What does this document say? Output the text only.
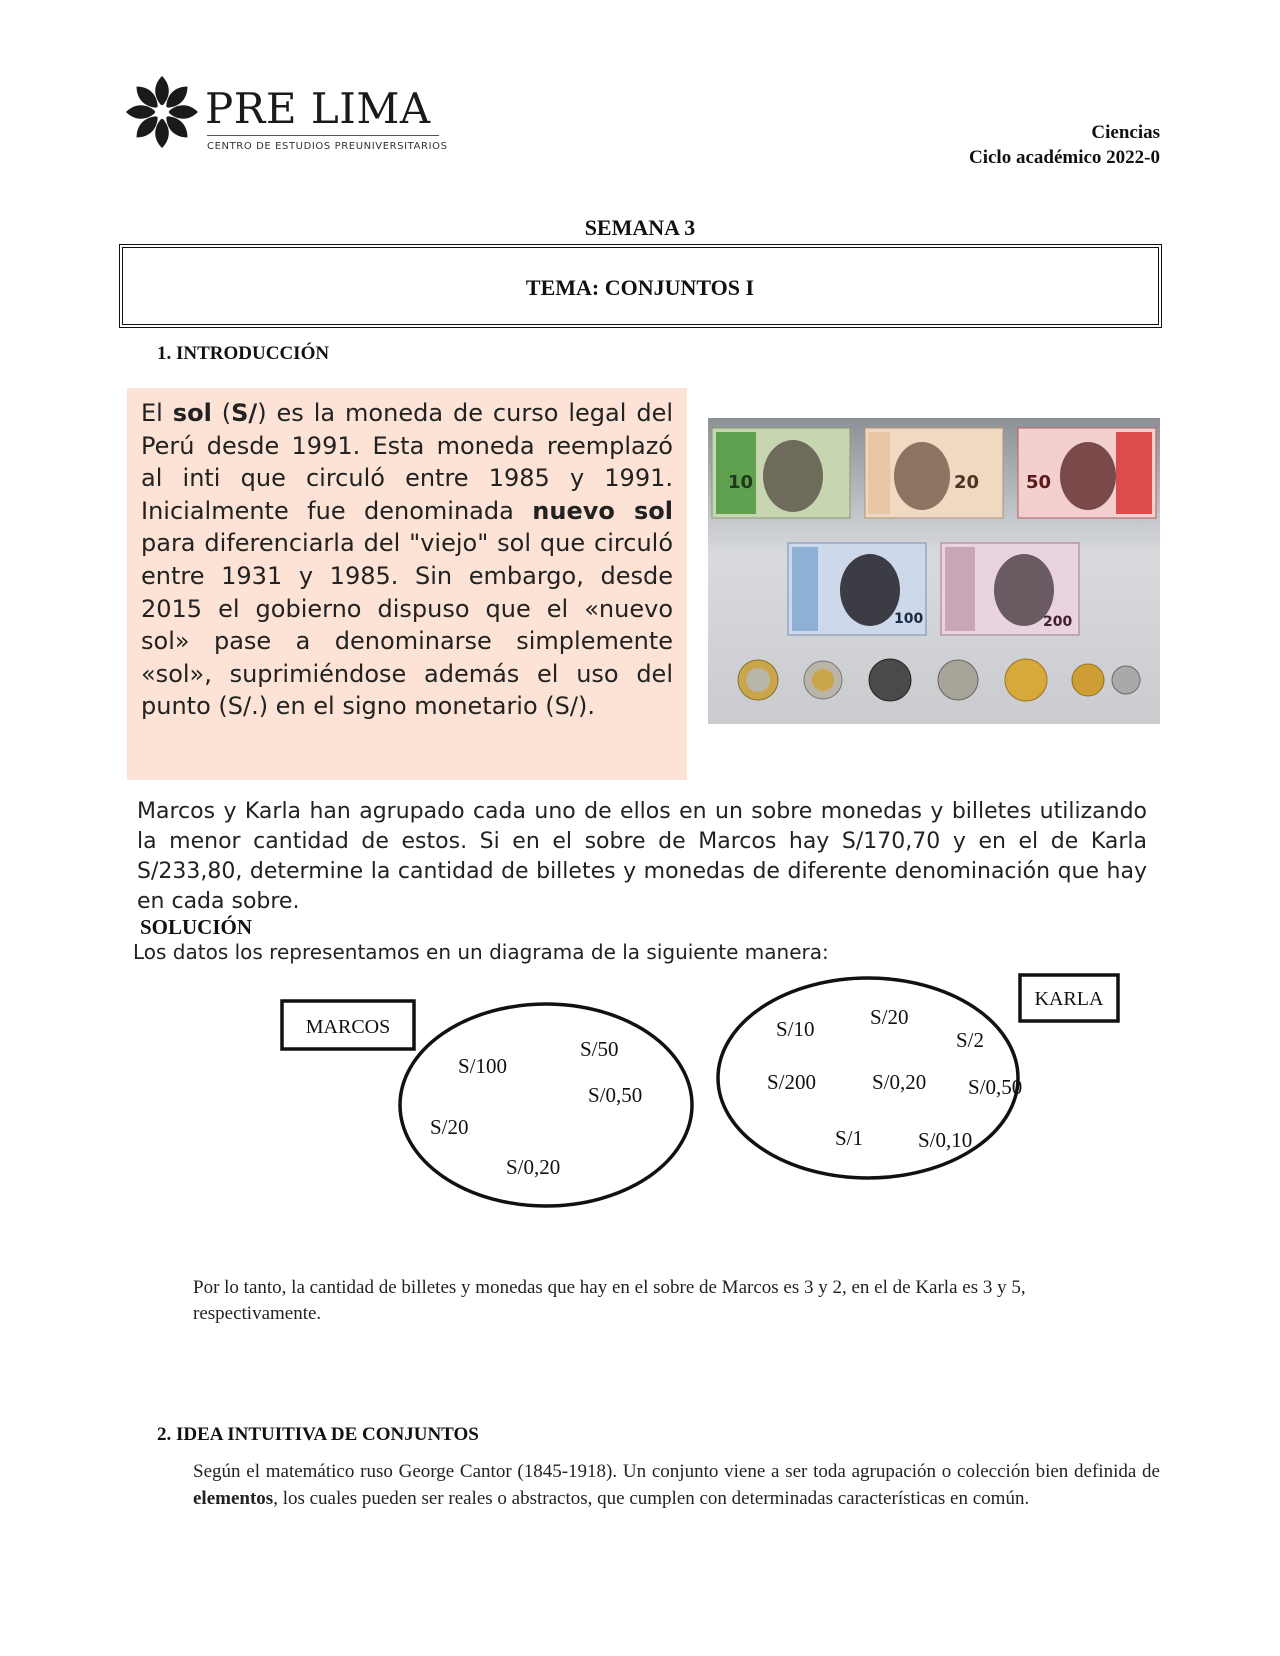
PRE LIMA
CENTRO DE ESTUDIOS PREUNIVERSITARIOS
Ciencias
Ciclo académico 2022-0
SEMANA 3
TEMA: CONJUNTOS I
1. INTRODUCCIÓN
El sol (S/) es la moneda de curso legal del Perú desde 1991. Esta moneda reemplazó al inti que circuló entre 1985 y 1991. Inicialmente fue denominada nuevo sol para diferenciarla del "viejo" sol que circuló entre 1931 y 1985. Sin embargo, desde 2015 el gobierno dispuso que el «nuevo sol» pase a denominarse simplemente «sol», suprimiéndose además el uso del punto (S/.) en el signo monetario (S/).
10	20	50
100	200
Marcos y Karla han agrupado cada uno de ellos en un sobre monedas y billetes utilizando la menor cantidad de estos. Si en el sobre de Marcos hay S/170,70 y en el de Karla S/233,80, determine la cantidad de billetes y monedas de diferente denominación que hay en cada sobre.
SOLUCIÓN
Los datos los representamos en un diagrama de la siguiente manera:
MARCOS
S/100
S/50
S/0,50
S/20
S/0,20
KARLA
S/10	S/20
S/2
S/200	S/0,20 S/0,50
S/1	S/0,10
Por lo tanto, la cantidad de billetes y monedas que hay en el sobre de Marcos es 3 y 2, en el de Karla es 3 y 5, respectivamente.
2. IDEA INTUITIVA DE CONJUNTOS
Según el matemático ruso George Cantor (1845-1918). Un conjunto viene a ser toda agrupación o colección bien definida de elementos, los cuales pueden ser reales o abstractos, que cumplen con determinadas características en común.
